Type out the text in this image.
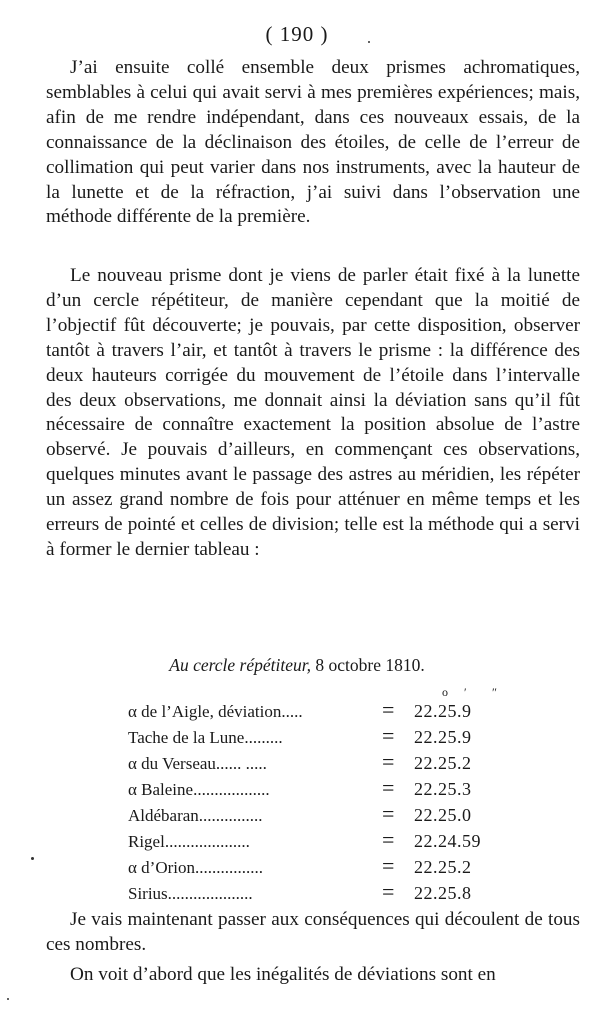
( 190 )

J’ai ensuite collé ensemble deux prismes achromatiques, semblables à celui qui avait servi à mes premières expériences; mais, afin de me rendre indépendant, dans ces nouveaux essais, de la connaissance de la déclinaison des étoiles, de celle de l’erreur de collimation qui peut varier dans nos instruments, avec la hauteur de la lunette et de la réfraction, j’ai suivi dans l’observation une méthode différente de la première.

Le nouveau prisme dont je viens de parler était fixé à la lunette d’un cercle répétiteur, de manière cependant que la moitié de l’objectif fût découverte; je pouvais, par cette disposition, observer tantôt à travers l’air, et tantôt à travers le prisme : la différence des deux hauteurs corrigée du mouvement de l’étoile dans l’intervalle des deux observations, me donnait ainsi la déviation sans qu’il fût nécessaire de connaître exactement la position absolue de l’astre observé. Je pouvais d’ailleurs, en commençant ces observations, quelques minutes avant le passage des astres au méridien, les répéter un assez grand nombre de fois pour atténuer en même temps et les erreurs de pointé et celles de division; telle est la méthode qui a servi à former le dernier tableau :

Au cercle répétiteur, 8 octobre 1810.
o ′ ″
α de l’Aigle, déviation.....	=	22.25.9
Tache de la Lune.........	=	22.25.9
α du Verseau...... .....	=	22.25.2
α Baleine..................	=	22.25.3
Aldébaran...............	=	22.25.0
Rigel....................	=	22.24.59
α d’Orion................	=	22.25.2
Sirius....................	=	22.25.8

Je vais maintenant passer aux conséquences qui découlent de tous ces nombres.

On voit d’abord que les inégalités de déviations sont en
